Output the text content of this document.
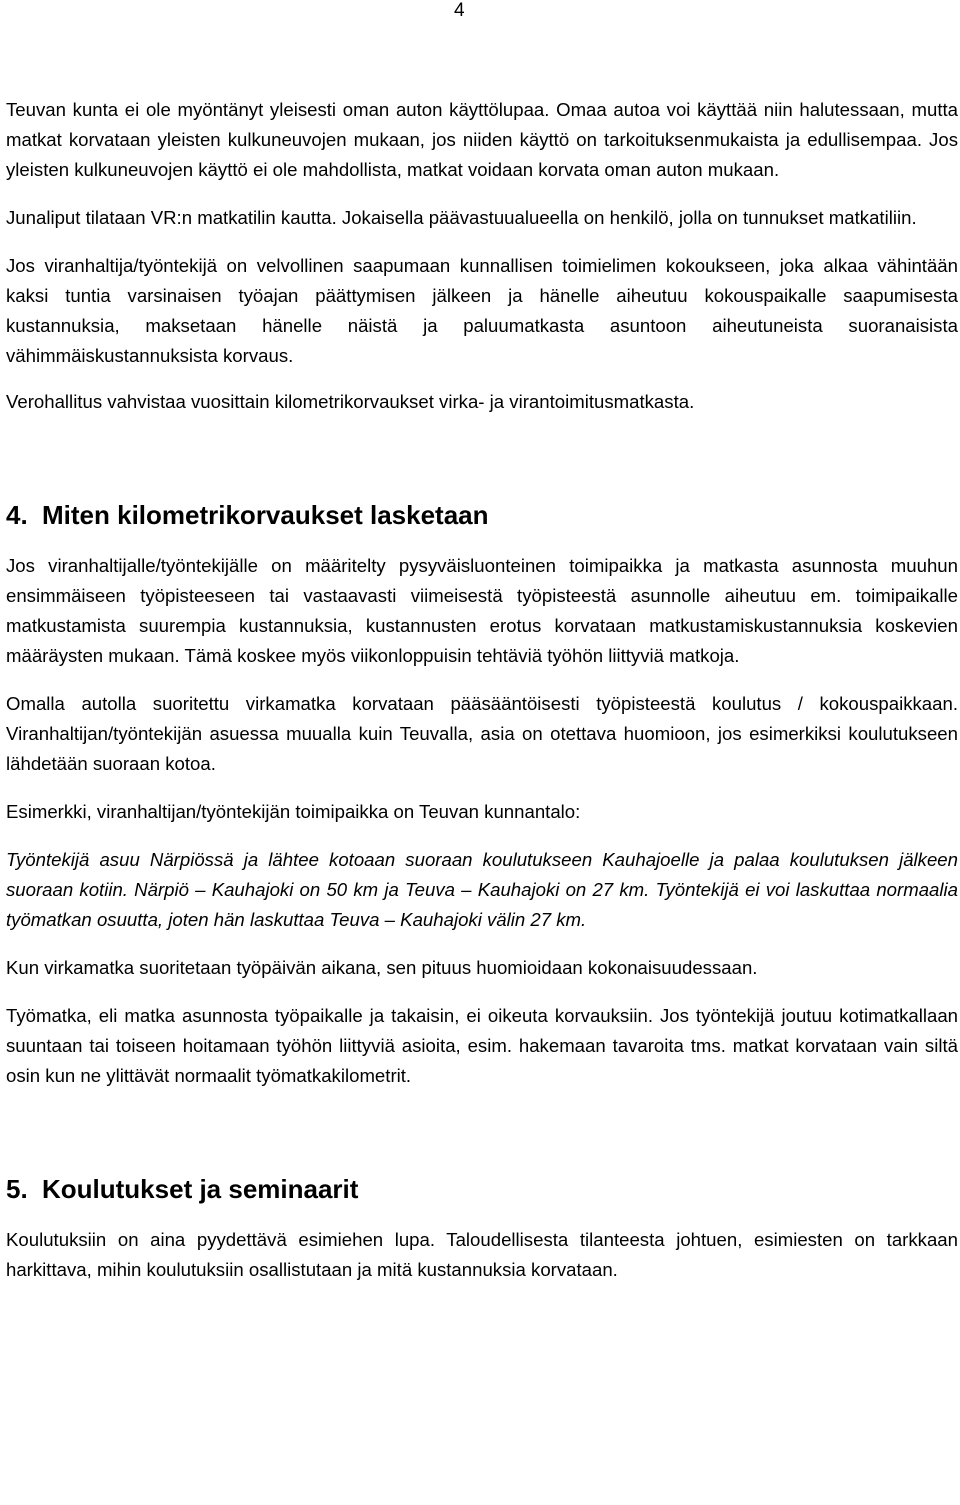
4

Teuvan kunta ei ole myöntänyt yleisesti oman auton käyttölupaa. Omaa autoa voi käyttää niin halutessaan, mutta matkat korvataan yleisten kulkuneuvojen mukaan, jos niiden käyttö on tarkoituksenmukaista ja edullisempaa. Jos yleisten kulkuneuvojen käyttö ei ole mahdollista, matkat voidaan korvata oman auton mukaan.

Junaliput tilataan VR:n matkatilin kautta. Jokaisella päävastuualueella on henkilö, jolla on tunnukset matkatiliin.

Jos viranhaltija/työntekijä on velvollinen saapumaan kunnallisen toimielimen kokoukseen, joka alkaa vähintään kaksi tuntia varsinaisen työajan päättymisen jälkeen ja hänelle aiheutuu kokouspaikalle saapumisesta kustannuksia, maksetaan hänelle näistä ja paluumatkasta asuntoon aiheutuneista suoranaisista vähimmäiskustannuksista korvaus.

Verohallitus vahvistaa vuosittain kilometrikorvaukset virka- ja virantoimitusmatkasta.

4. Miten kilometrikorvaukset lasketaan

Jos viranhaltijalle/työntekijälle on määritelty pysyväisluonteinen toimipaikka ja matkasta asunnosta muuhun ensimmäiseen työpisteeseen tai vastaavasti viimeisestä työpisteestä asunnolle aiheutuu em. toimipaikalle matkustamista suurempia kustannuksia, kustannusten erotus korvataan matkustamiskustannuksia koskevien määräysten mukaan. Tämä koskee myös viikonloppuisin tehtäviä työhön liittyviä matkoja.

Omalla autolla suoritettu virkamatka korvataan pääsääntöisesti työpisteestä koulutus / kokouspaikkaan. Viranhaltijan/työntekijän asuessa muualla kuin Teuvalla, asia on otettava huomioon, jos esimerkiksi koulutukseen lähdetään suoraan kotoa.

Esimerkki, viranhaltijan/työntekijän toimipaikka on Teuvan kunnantalo:

Työntekijä asuu Närpiössä ja lähtee kotoaan suoraan koulutukseen Kauhajoelle ja palaa koulutuksen jälkeen suoraan kotiin. Närpiö – Kauhajoki on 50 km ja Teuva – Kauhajoki on 27 km. Työntekijä ei voi laskuttaa normaalia työmatkan osuutta, joten hän laskuttaa Teuva – Kauhajoki välin 27 km.

Kun virkamatka suoritetaan työpäivän aikana, sen pituus huomioidaan kokonaisuudessaan.

Työmatka, eli matka asunnosta työpaikalle ja takaisin, ei oikeuta korvauksiin. Jos työntekijä joutuu kotimatkallaan suuntaan tai toiseen hoitamaan työhön liittyviä asioita, esim. hakemaan tavaroita tms. matkat korvataan vain siltä osin kun ne ylittävät normaalit työmatkakilometrit.

5. Koulutukset ja seminaarit

Koulutuksiin on aina pyydettävä esimiehen lupa. Taloudellisesta tilanteesta johtuen, esimiesten on tarkkaan harkittava, mihin koulutuksiin osallistutaan ja mitä kustannuksia korvataan.
